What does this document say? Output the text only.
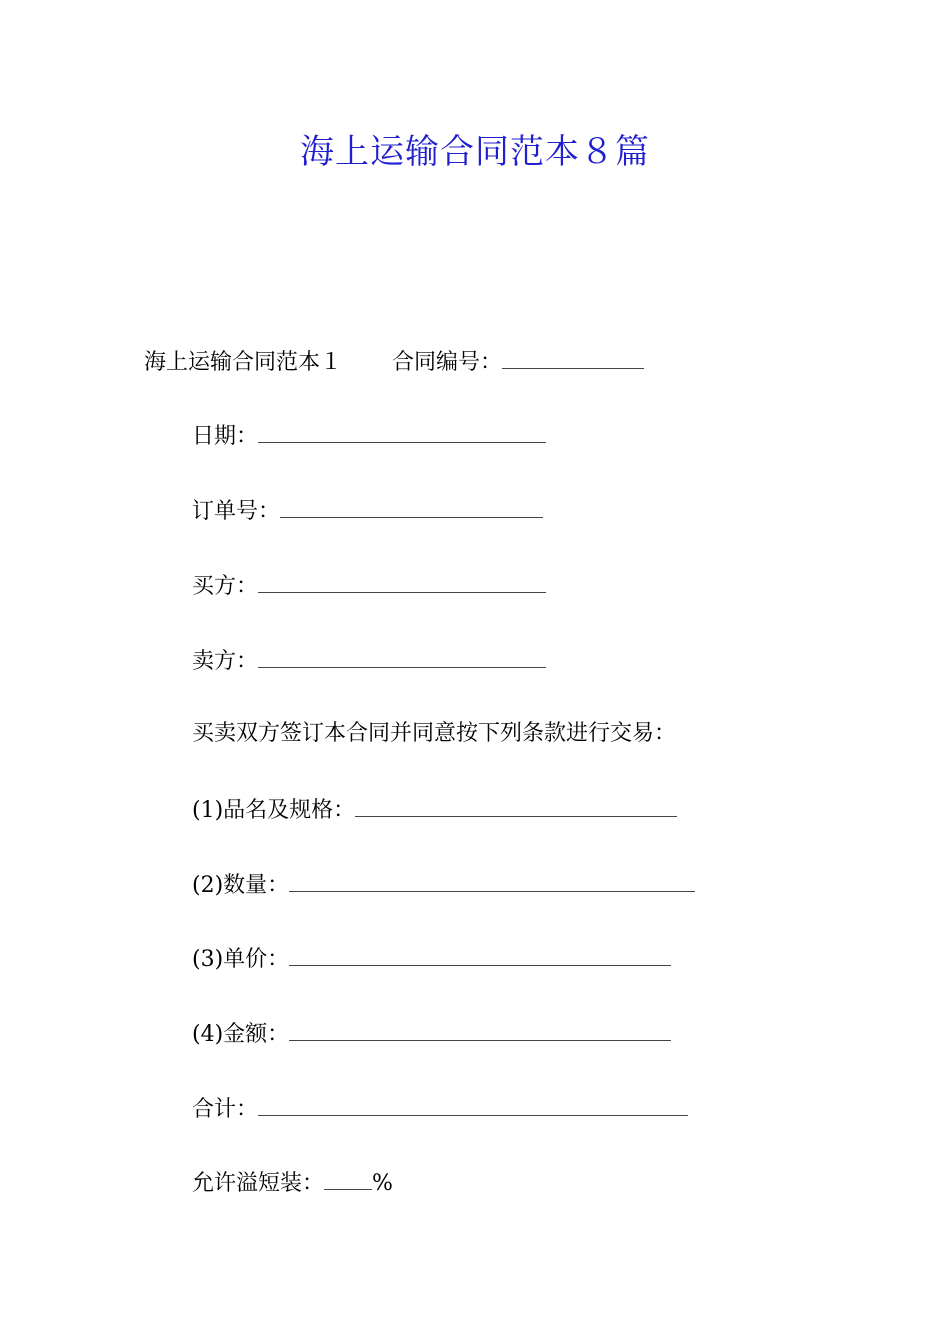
海上运输合同范本８篇
海上运输合同范本１ 合同编号：
日期：
订单号：
买方：
卖方：
买卖双方签订本合同并同意按下列条款进行交易：
(1)品名及规格：
(2)数量：
(3)单价：
(4)金额：
合计：
允许溢短装： %
